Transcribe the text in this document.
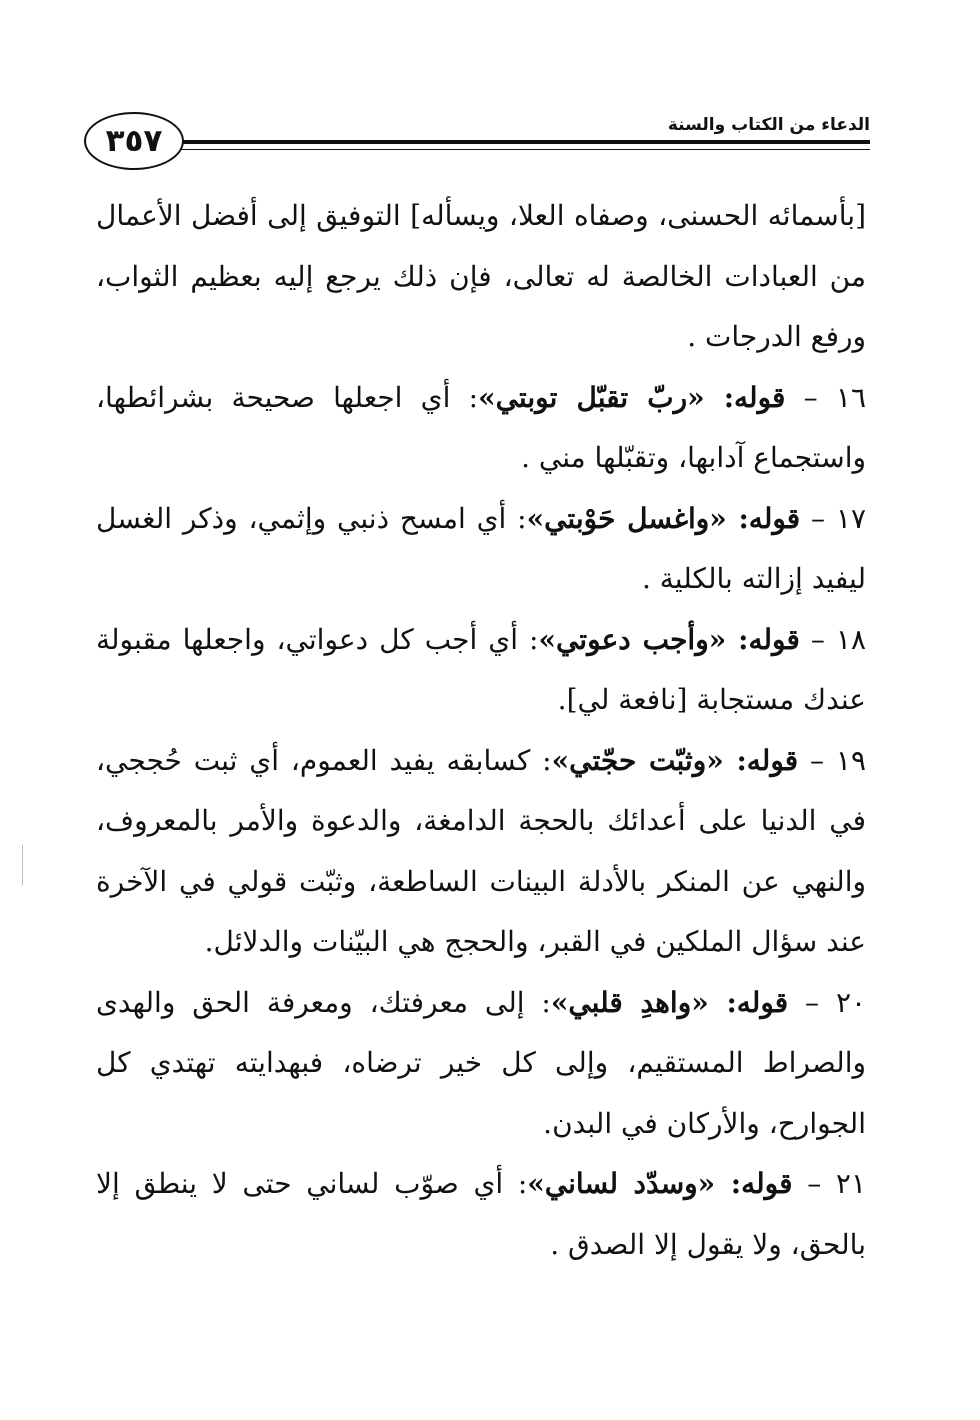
٣٥٧	الدعاء من الكتاب والسنة

[بأسمائه الحسنى، وصفاه العلا، ويسأله] التوفيق إلى أفضل الأعمال من العبادات الخالصة له تعالى، فإن ذلك يرجع إليه بعظيم الثواب، ورفع الدرجات .

١٦ – قوله: «ربّ تقبّل توبتي»: أي اجعلها صحيحة بشرائطها، واستجماع آدابها، وتقبّلها مني .

١٧ – قوله: «واغسل حَوْبتي»: أي امسح ذنبي وإثمي، وذكر الغسل ليفيد إزالته بالكلية .

١٨ – قوله: «وأجب دعوتي»: أي أجب كل دعواتي، واجعلها مقبولة عندك مستجابة [نافعة لي].

١٩ – قوله: «وثبّت حجّتي»: كسابقه يفيد العموم، أي ثبت حُججي، في الدنيا على أعدائك بالحجة الدامغة، والدعوة والأمر بالمعروف، والنهي عن المنكر بالأدلة البينات الساطعة، وثبّت قولي في الآخرة عند سؤال الملكين في القبر، والحجج هي البيّنات والدلائل.

٢٠ – قوله: «واهدِ قلبي»: إلى معرفتك، ومعرفة الحق والهدى والصراط المستقيم، وإلى كل خير ترضاه، فبهدايته تهتدي كل الجوارح، والأركان في البدن.

٢١ – قوله: «وسدّد لساني»: أي صوّب لساني حتى لا ينطق إلا بالحق، ولا يقول إلا الصدق .
